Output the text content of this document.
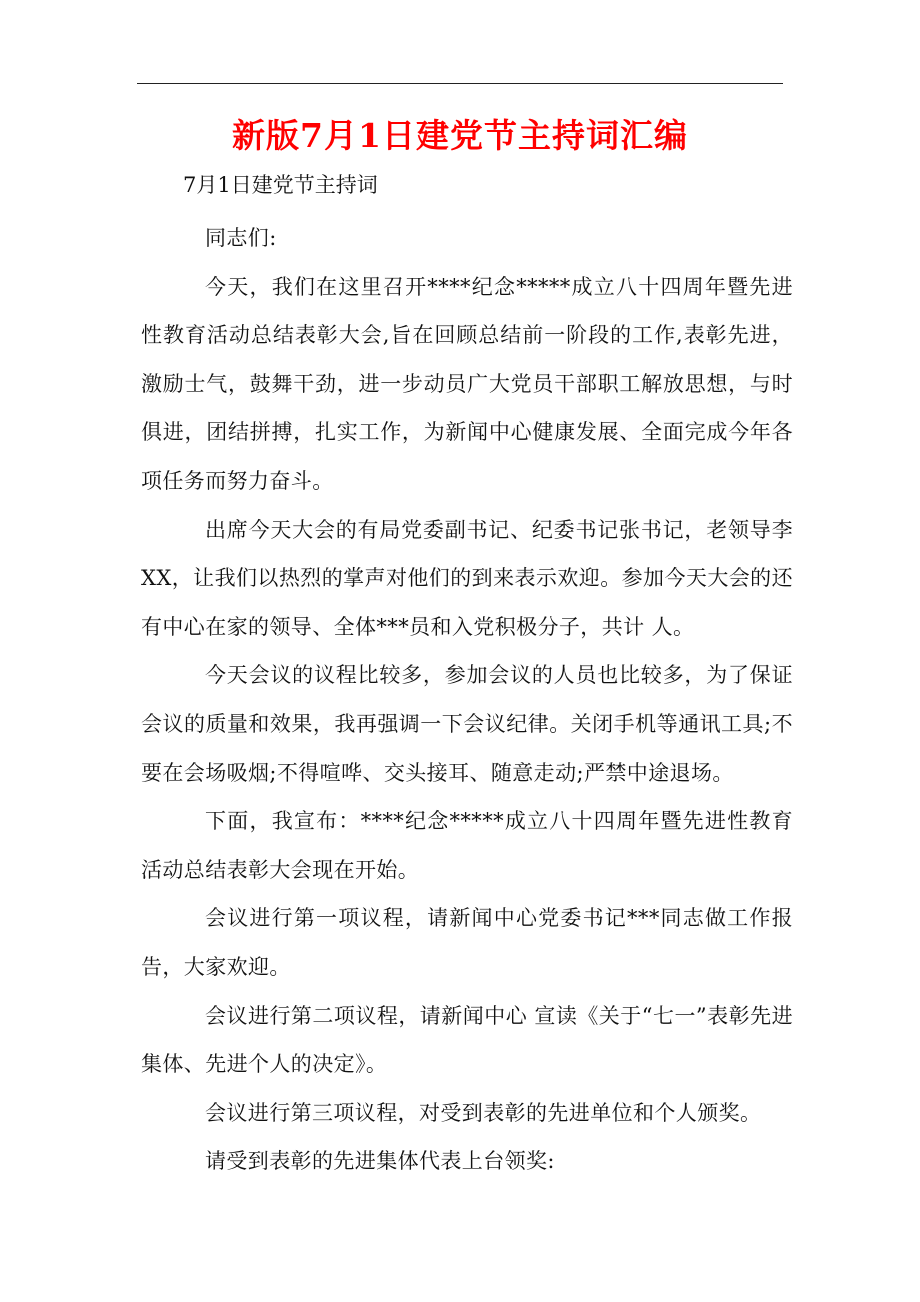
新版7月1日建党节主持词汇编
7月1日建党节主持词

同志们:

今天，我们在这里召开****纪念*****成立八十四周年暨先进性教育活动总结表彰大会,旨在回顾总结前一阶段的工作,表彰先进，激励士气，鼓舞干劲，进一步动员广大党员干部职工解放思想，与时俱进，团结拼搏，扎实工作，为新闻中心健康发展、全面完成今年各项任务而努力奋斗。

出席今天大会的有局党委副书记、纪委书记张书记，老领导李XX，让我们以热烈的掌声对他们的到来表示欢迎。参加今天大会的还有中心在家的领导、全体***员和入党积极分子，共计 人。

今天会议的议程比较多，参加会议的人员也比较多，为了保证会议的质量和效果，我再强调一下会议纪律。关闭手机等通讯工具;不要在会场吸烟;不得喧哗、交头接耳、随意走动;严禁中途退场。

下面，我宣布：****纪念*****成立八十四周年暨先进性教育活动总结表彰大会现在开始。

会议进行第一项议程，请新闻中心党委书记***同志做工作报告，大家欢迎。

会议进行第二项议程，请新闻中心 宣读《关于“七一”表彰先进集体、先进个人的决定》。

会议进行第三项议程，对受到表彰的先进单位和个人颁奖。

请受到表彰的先进集体代表上台领奖:
